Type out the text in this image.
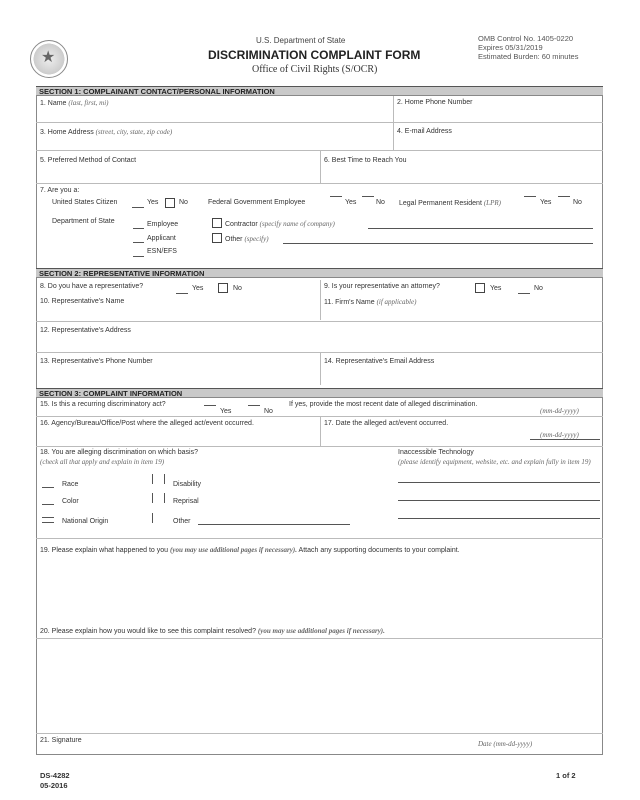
★
U.S. Department of State
DISCRIMINATION COMPLAINT FORM
Office of Civil Rights (S/OCR)
OMB Control No. 1405-0220
Expires 05/31/2019
Estimated Burden: 60 minutes
SECTION 1: COMPLAINANT CONTACT/PERSONAL INFORMATION
1. Name (last, first, mi)	2. Home Phone Number
3. Home Address (street, city, state, zip code)	4. E-mail Address
5. Preferred Method of Contact	6. Best Time to Reach You
7. Are you a:
United States Citizen	Yes	No	Federal Government Employee	Yes	No Legal Permanent Resident (LPR)	Yes	No
Department of State	Employee
Applicant
ESN/EFS
Contractor (specify name of company)
Other (specify)
SECTION 2: REPRESENTATIVE INFORMATION
8. Do you have a representative?	Yes	No	9. Is your representative an attorney?	Yes	No
10. Representative's Name	11. Firm's Name (if applicable)
12. Representative's Address
13. Representative's Phone Number	14. Representative's Email Address
SECTION 3: COMPLAINT INFORMATION
15. Is this a recurring discriminatory act?
Yes	No
If yes, provide the most recent date of alleged discrimination.
(mm-dd-yyyy)
16. Agency/Bureau/Office/Post where the alleged act/event occurred.	17. Date the alleged act/event occurred.
(mm-dd-yyyy)
18. You are alleging discrimination on which basis?
(check all that apply and explain in item 19)
Race
Color
National Origin
Disability
Reprisal
Other
Inaccessible Technology
(please identify equipment, website, etc. and explain fully in item 19)
19. Please explain what happened to you (you may use additional pages if necessary). Attach any supporting documents to your complaint.
20. Please explain how you would like to see this complaint resolved? (you may use additional pages if necessary).
21. Signature	Date (mm-dd-yyyy)
DS-4282
05-2016
1 of 2
